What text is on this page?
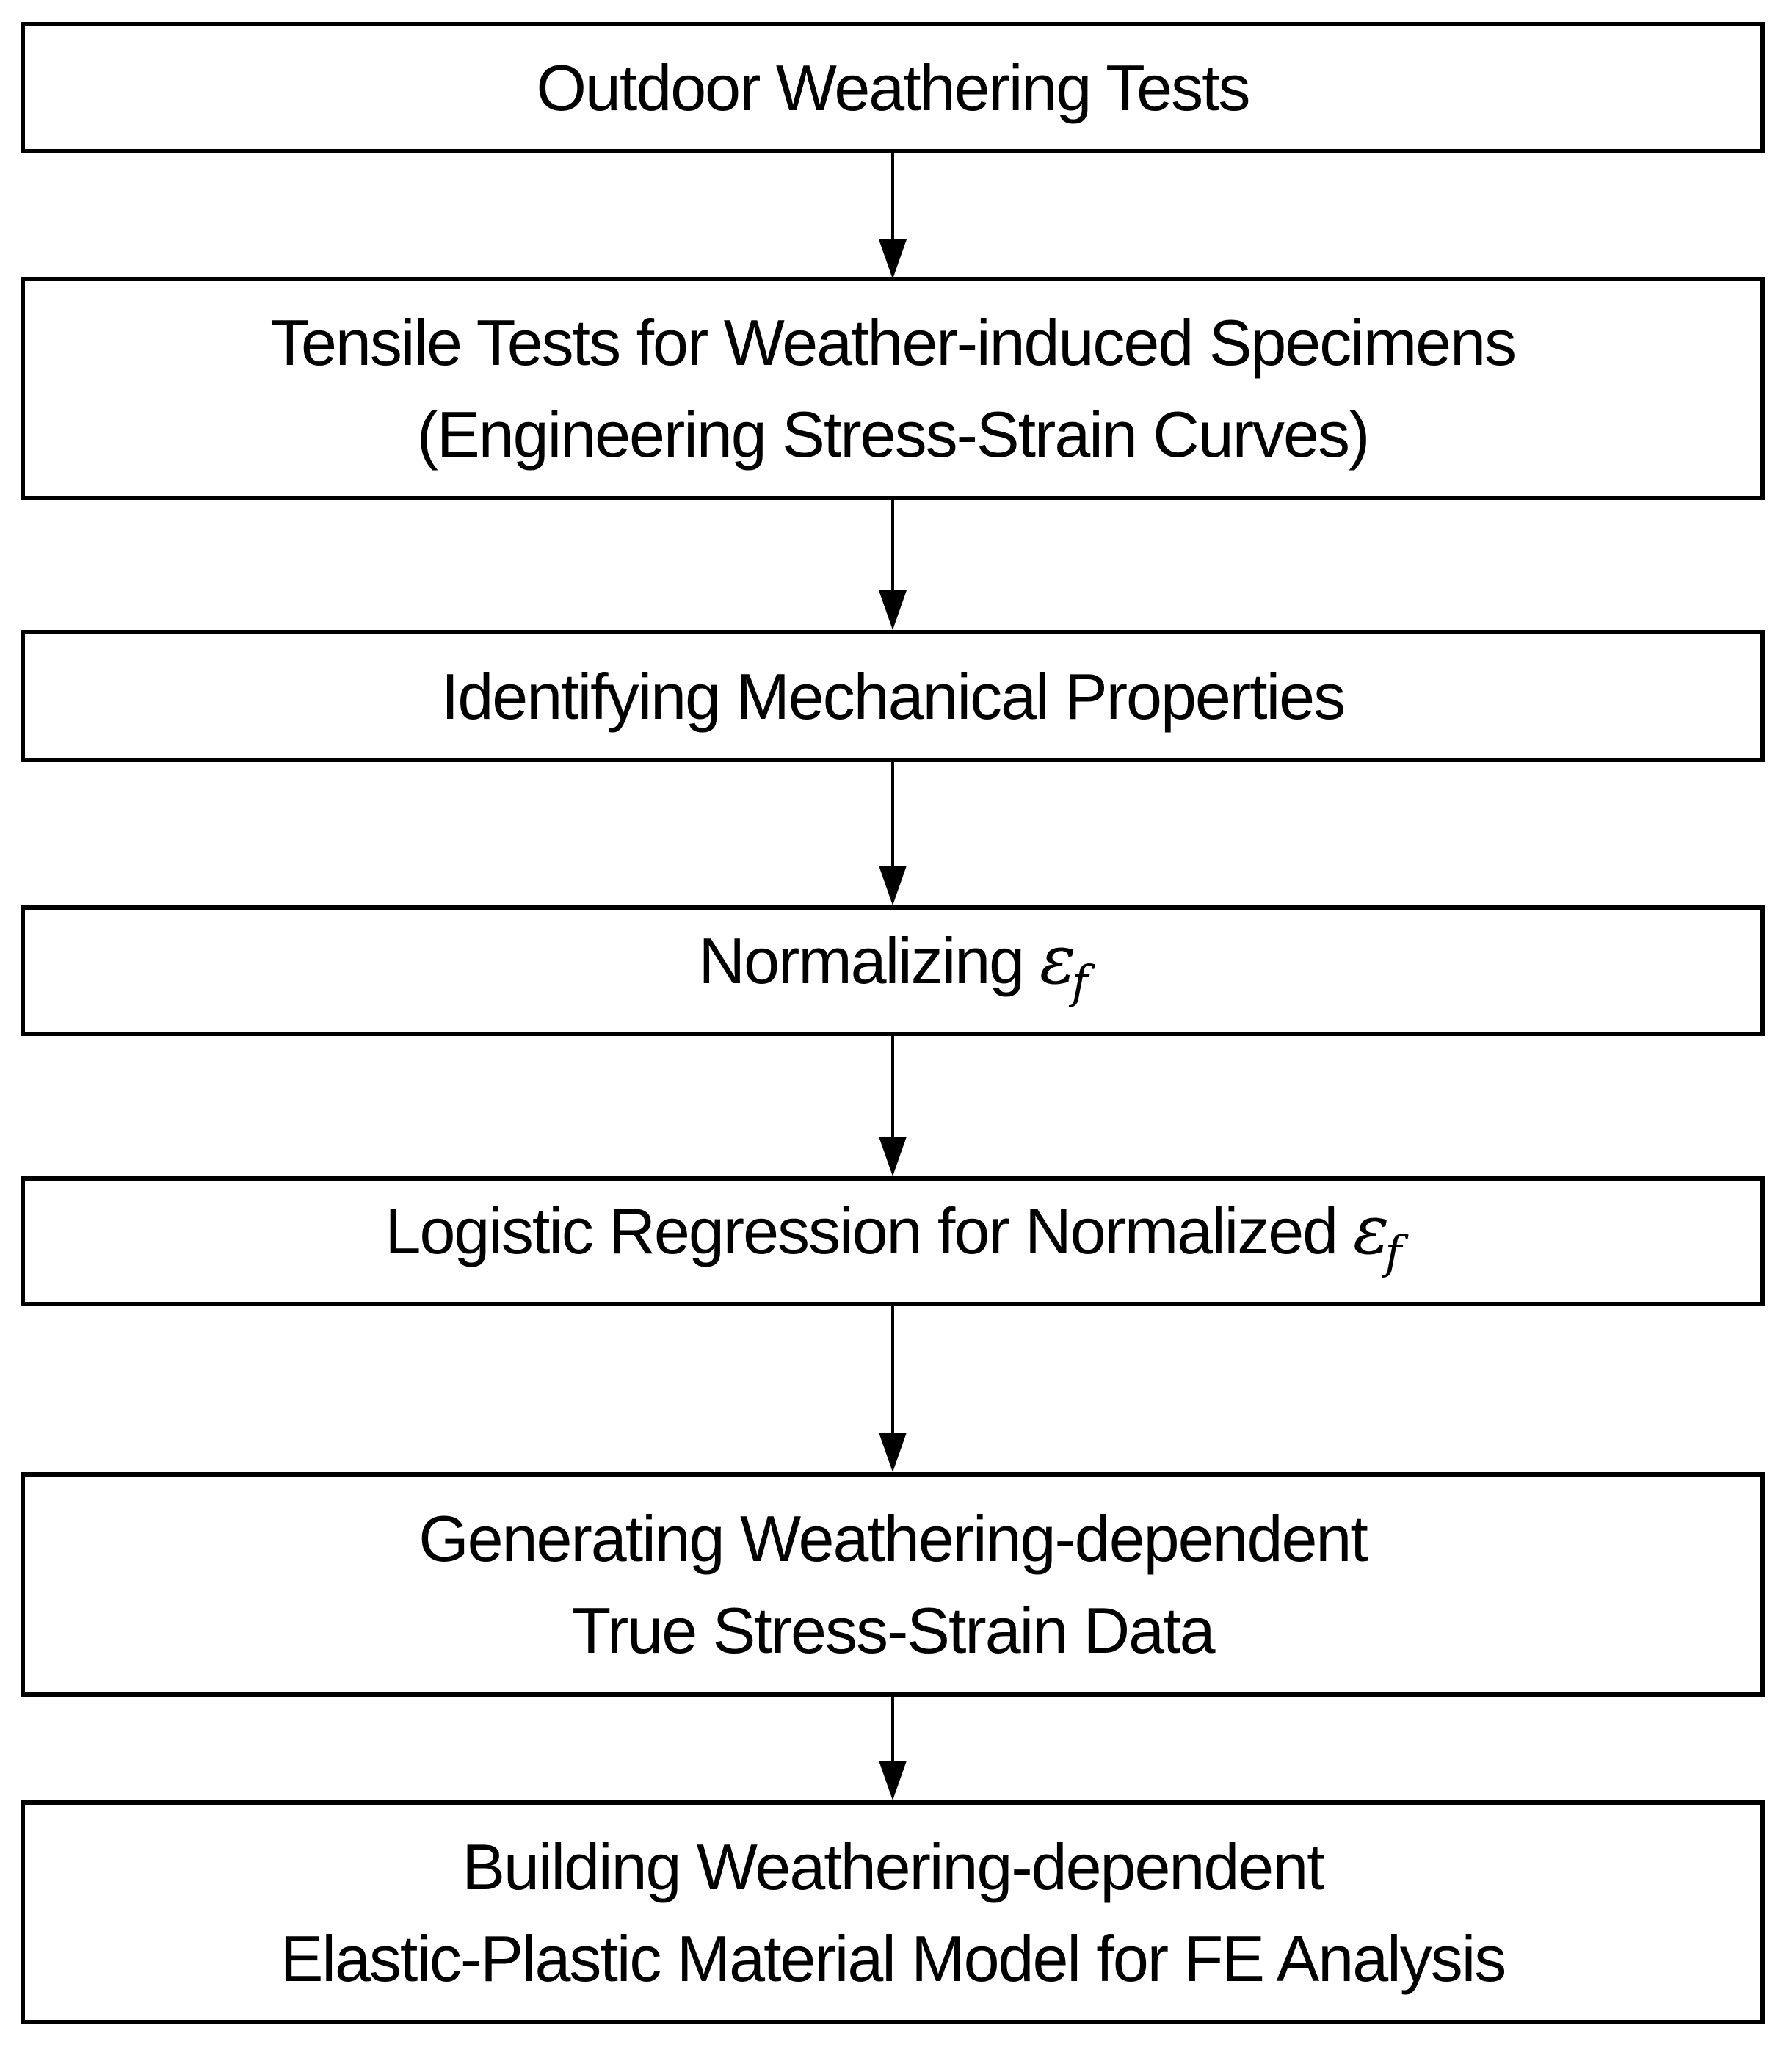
Outdoor Weathering Tests
Tensile Tests for Weather-induced Specimens
(Engineering Stress-Strain Curves)
Identifying Mechanical Properties
Normalizing $\varepsilon_f$
Logistic Regression for Normalized $\varepsilon_f$
Generating Weathering-dependent
True Stress-Strain Data
Building Weathering-dependent
Elastic-Plastic Material Model for FE Analysis
